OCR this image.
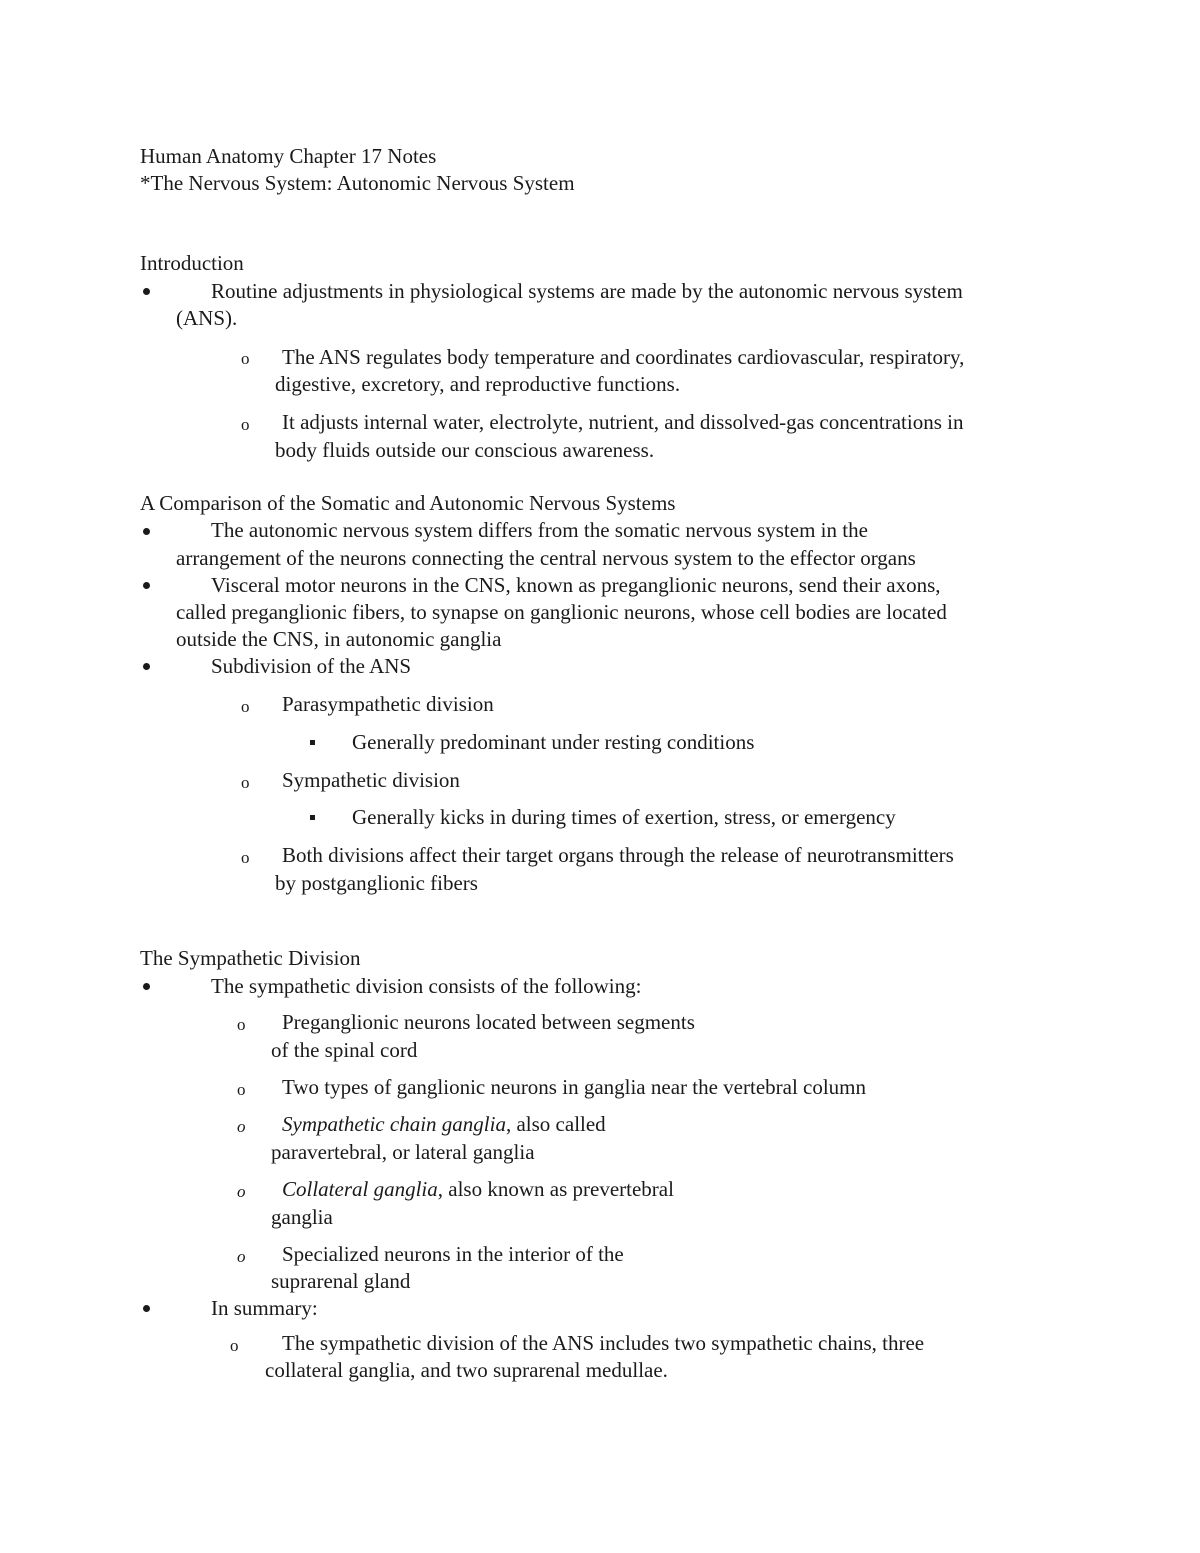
Human Anatomy Chapter 17 Notes
*The Nervous System: Autonomic Nervous System
Introduction
Routine adjustments in physiological systems are made by the autonomic nervous system
(ANS).
o The ANS regulates body temperature and coordinates cardiovascular, respiratory,
digestive, excretory, and reproductive functions.
o It adjusts internal water, electrolyte, nutrient, and dissolved-gas concentrations in
body fluids outside our conscious awareness.
A Comparison of the Somatic and Autonomic Nervous Systems
The autonomic nervous system differs from the somatic nervous system in the
arrangement of the neurons connecting the central nervous system to the effector organs
Visceral motor neurons in the CNS, known as preganglionic neurons, send their axons,
called preganglionic fibers, to synapse on ganglionic neurons, whose cell bodies are located
outside the CNS, in autonomic ganglia
Subdivision of the ANS
o Parasympathetic division
Generally predominant under resting conditions
o Sympathetic division
Generally kicks in during times of exertion, stress, or emergency
o Both divisions affect their target organs through the release of neurotransmitters
by postganglionic fibers
The Sympathetic Division
The sympathetic division consists of the following:
o Preganglionic neurons located between segments
of the spinal cord
o Two types of ganglionic neurons in ganglia near the vertebral column
o Sympathetic chain ganglia, also called
paravertebral, or lateral ganglia
o Collateral ganglia, also known as prevertebral
ganglia
o Specialized neurons in the interior of the
suprarenal gland
In summary:
o The sympathetic division of the ANS includes two sympathetic chains, three
collateral ganglia, and two suprarenal medullae.
